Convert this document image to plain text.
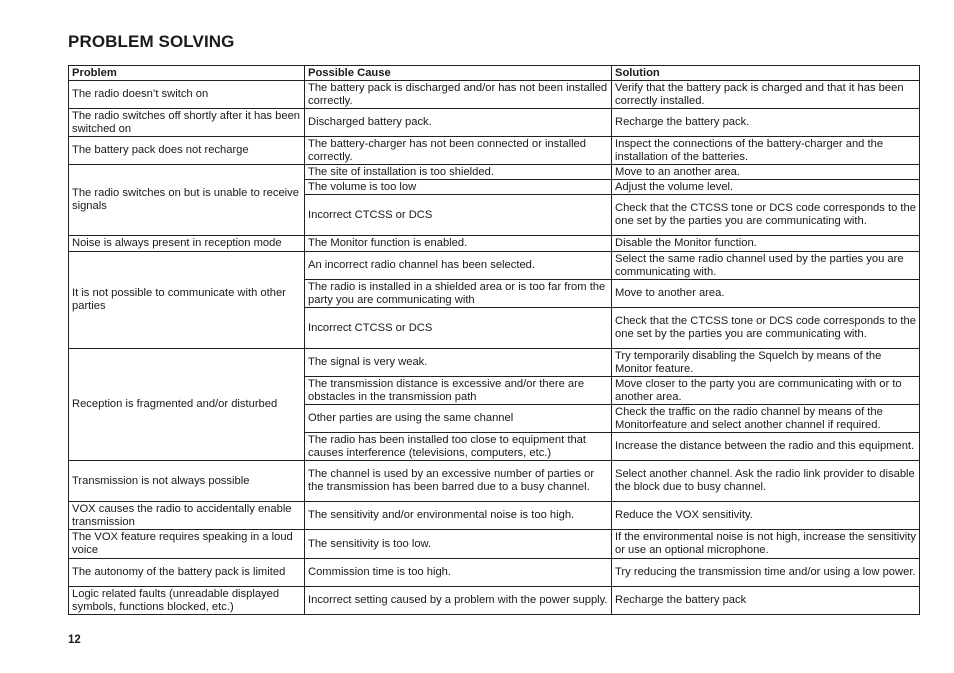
PROBLEM SOLVING
Problem	Possible Cause	Solution
The radio doesn’t switch on	The battery pack is discharged and/or has not been installed correctly.	Verify that the battery pack is charged and that it has been correctly installed.
The radio switches off shortly after it has been switched on	Discharged battery pack.	Recharge the battery pack.
The battery pack does not recharge	The battery-charger has not been connected or installed correctly.	Inspect the connections of the battery-charger and the installation of the batteries.
The radio switches on but is unable to receive signals	The site of installation is too shielded.	Move to an another area.
	The volume is too low	Adjust the volume level.
	Incorrect CTCSS or DCS	Check that the CTCSS tone or DCS code corresponds to the one set by the parties you are communicating with.
Noise is always present in reception mode	The Monitor function is enabled.	Disable the Monitor function.
It is not possible to communicate with other parties	An incorrect radio channel has been selected.	Select the same radio channel used by the parties you are communicating with.
	The radio is installed in a shielded area or is too far from the party you are communicating with	Move to another area.
	Incorrect CTCSS or DCS	Check that the CTCSS tone or DCS code corresponds to the one set by the parties you are communicating with.
Reception is fragmented and/or disturbed	The signal is very weak.	Try temporarily disabling the Squelch by means of the Monitor feature.
	The transmission distance is excessive and/or there are obstacles in the transmission path	Move closer to the party you are communicating with or to another area.
	Other parties are using the same channel	Check the traffic on the radio channel by means of the Monitorfeature and select another channel if required.
	The radio has been installed too close to equipment that causes interference (televisions, computers, etc.)	Increase the distance between the radio and this equipment.
Transmission is not always possible	The channel is used by an excessive number of parties or the transmission has been barred due to a busy channel.	Select another channel. Ask the radio link provider to disable the block due to busy channel.
VOX causes the radio to accidentally enable transmission	The sensitivity and/or environmental noise is too high.	Reduce the VOX sensitivity.
The VOX feature requires speaking in a loud voice	The sensitivity is too low.	If the environmental noise is not high, increase the sensitivity or use an optional microphone.
The autonomy of the battery pack is limited	Commission time is too high.	Try reducing the transmission time and/or using a low power.
Logic related faults (unreadable displayed symbols, functions blocked, etc.)	Incorrect setting caused by a problem with the power supply.	Recharge the battery pack
12
